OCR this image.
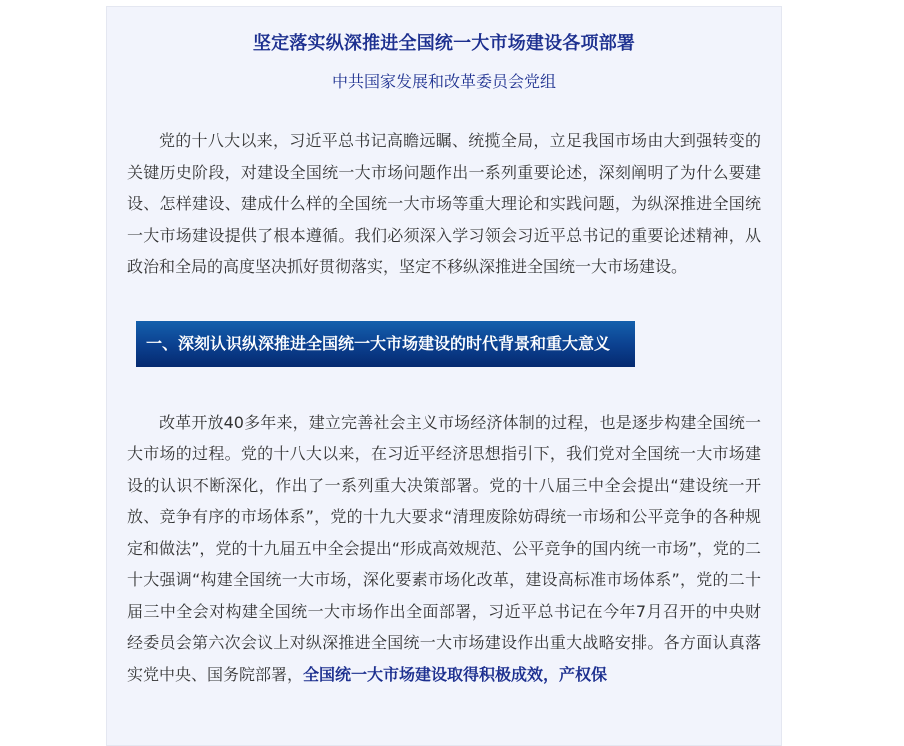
坚定落实纵深推进全国统一大市场建设各项部署
中共国家发展和改革委员会党组

党的十八大以来，习近平总书记高瞻远瞩、统揽全局，立足我国市场由大到强转变的关键历史阶段，对建设全国统一大市场问题作出一系列重要论述，深刻阐明了为什么要建设、怎样建设、建成什么样的全国统一大市场等重大理论和实践问题，为纵深推进全国统一大市场建设提供了根本遵循。我们必须深入学习领会习近平总书记的重要论述精神，从政治和全局的高度坚决抓好贯彻落实，坚定不移纵深推进全国统一大市场建设。

一、深刻认识纵深推进全国统一大市场建设的时代背景和重大意义

改革开放40多年来，建立完善社会主义市场经济体制的过程，也是逐步构建全国统一大市场的过程。党的十八大以来，在习近平经济思想指引下，我们党对全国统一大市场建设的认识不断深化，作出了一系列重大决策部署。党的十八届三中全会提出“建设统一开放、竞争有序的市场体系”，党的十九大要求“清理废除妨碍统一市场和公平竞争的各种规定和做法”，党的十九届五中全会提出“形成高效规范、公平竞争的国内统一市场”，党的二十大强调“构建全国统一大市场，深化要素市场化改革，建设高标准市场体系”，党的二十届三中全会对构建全国统一大市场作出全面部署，习近平总书记在今年7月召开的中央财经委员会第六次会议上对纵深推进全国统一大市场建设作出重大战略安排。各方面认真落实党中央、国务院部署，全国统一大市场建设取得积极成效，产权保
